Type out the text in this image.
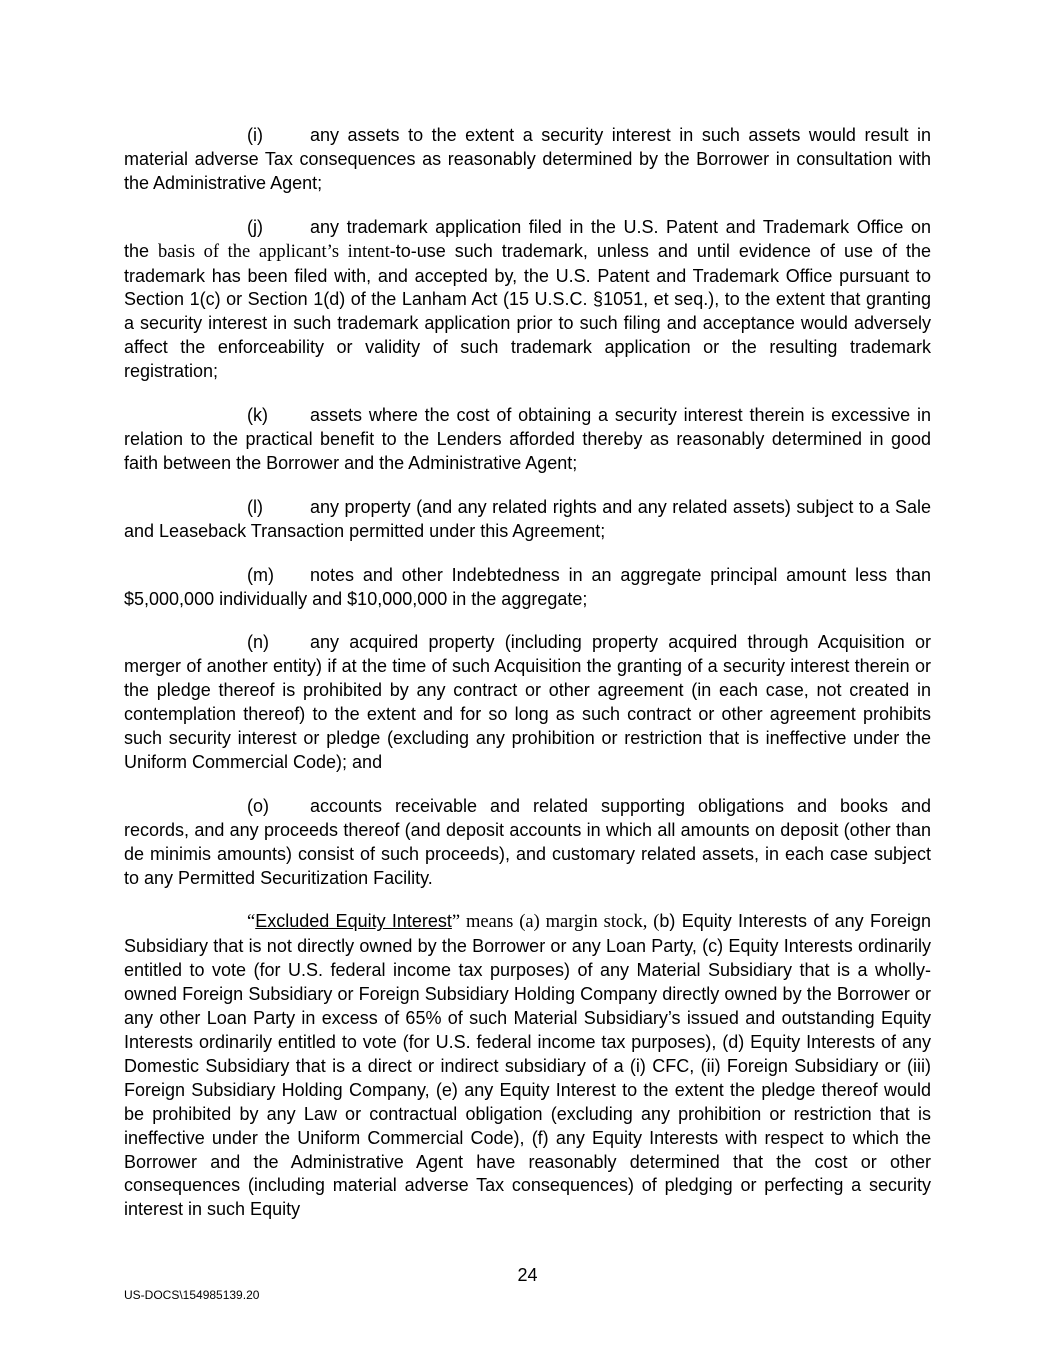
(i)	any assets to the extent a security interest in such assets would result in material adverse Tax consequences as reasonably determined by the Borrower in consultation with the Administrative Agent;

(j)	any trademark application filed in the U.S. Patent and Trademark Office on the basis of the applicant’s intent-to-use such trademark, unless and until evidence of use of the trademark has been filed with, and accepted by, the U.S. Patent and Trademark Office pursuant to Section 1(c) or Section 1(d) of the Lanham Act (15 U.S.C. §1051, et seq.), to the extent that granting a security interest in such trademark application prior to such filing and acceptance would adversely affect the enforceability or validity of such trademark application or the resulting trademark registration;

(k) assets where the cost of obtaining a security interest therein is excessive in relation to the practical benefit to the Lenders afforded thereby as reasonably determined in good faith between the Borrower and the Administrative Agent;

(l)	any property (and any related rights and any related assets) subject to a Sale and Leaseback Transaction permitted under this Agreement;

(m) notes and other Indebtedness in an aggregate principal amount less than $5,000,000 individually and $10,000,000 in the aggregate;

(n) any acquired property (including property acquired through Acquisition or merger of another entity) if at the time of such Acquisition the granting of a security interest therein or the pledge thereof is prohibited by any contract or other agreement (in each case, not created in contemplation thereof) to the extent and for so long as such contract or other agreement prohibits such security interest or pledge (excluding any prohibition or restriction that is ineffective under the Uniform Commercial Code); and

(o) accounts receivable and related supporting obligations and books and records, and any proceeds thereof (and deposit accounts in which all amounts on deposit (other than de minimis amounts) consist of such proceeds), and customary related assets, in each case subject to any Permitted Securitization Facility.

“Excluded Equity Interest” means (a) margin stock, (b) Equity Interests of any Foreign Subsidiary that is not directly owned by the Borrower or any Loan Party, (c) Equity Interests ordinarily entitled to vote (for U.S. federal income tax purposes) of any Material Subsidiary that is a wholly-owned Foreign Subsidiary or Foreign Subsidiary Holding Company directly owned by the Borrower or any other Loan Party in excess of 65% of such Material Subsidiary’s issued and outstanding Equity Interests ordinarily entitled to vote (for U.S. federal income tax purposes), (d) Equity Interests of any Domestic Subsidiary that is a direct or indirect subsidiary of a (i) CFC, (ii) Foreign Subsidiary or (iii) Foreign Subsidiary Holding Company, (e) any Equity Interest to the extent the pledge thereof would be prohibited by any Law or contractual obligation (excluding any prohibition or restriction that is ineffective under the Uniform Commercial Code), (f) any Equity Interests with respect to which the Borrower and the Administrative Agent have reasonably determined that the cost or other consequences (including material adverse Tax consequences) of pledging or perfecting a security interest in such Equity

24
US-DOCS\154985139.20
